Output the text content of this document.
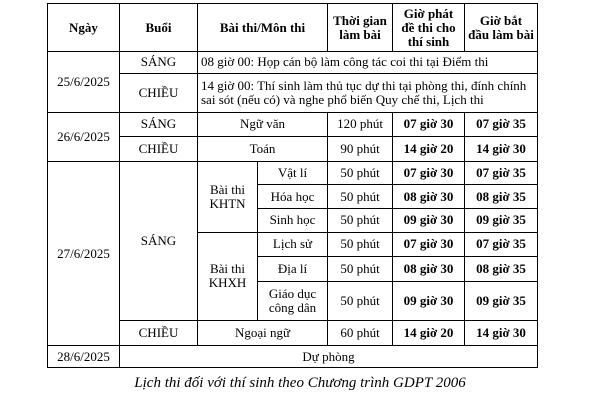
Ngày	Buổi	Bài thi/Môn thi		Thời gian làm bài	Giờ phát đề thi cho thí sinh	Giờ bắt đầu làm bài
25/6/2025	SÁNG	08 giờ 00: Họp cán bộ làm công tác coi thi tại Điểm thi				
	CHIỀU	14 giờ 00: Thí sinh làm thủ tục dự thi tại phòng thi, đính chính sai sót (nếu có) và nghe phổ biến Quy chế thi, Lịch thi				
26/6/2025	SÁNG	Ngữ văn		120 phút	07 giờ 30	07 giờ 35
	CHIỀU	Toán		90 phút	14 giờ 20	14 giờ 30
27/6/2025	SÁNG	Bài thi KHTN	Vật lí	50 phút	07 giờ 30	07 giờ 35
			Hóa học	50 phút	08 giờ 30	08 giờ 35
			Sinh học	50 phút	09 giờ 30	09 giờ 35
		Bài thi KHXH	Lịch sử	50 phút	07 giờ 30	07 giờ 35
			Địa lí	50 phút	08 giờ 30	08 giờ 35
			Giáo dục công dân	50 phút	09 giờ 30	09 giờ 35
	CHIỀU	Ngoại ngữ		60 phút	14 giờ 20	14 giờ 30
28/6/2025	Dự phòng					
Lịch thi đối với thí sinh theo Chương trình GDPT 2006
